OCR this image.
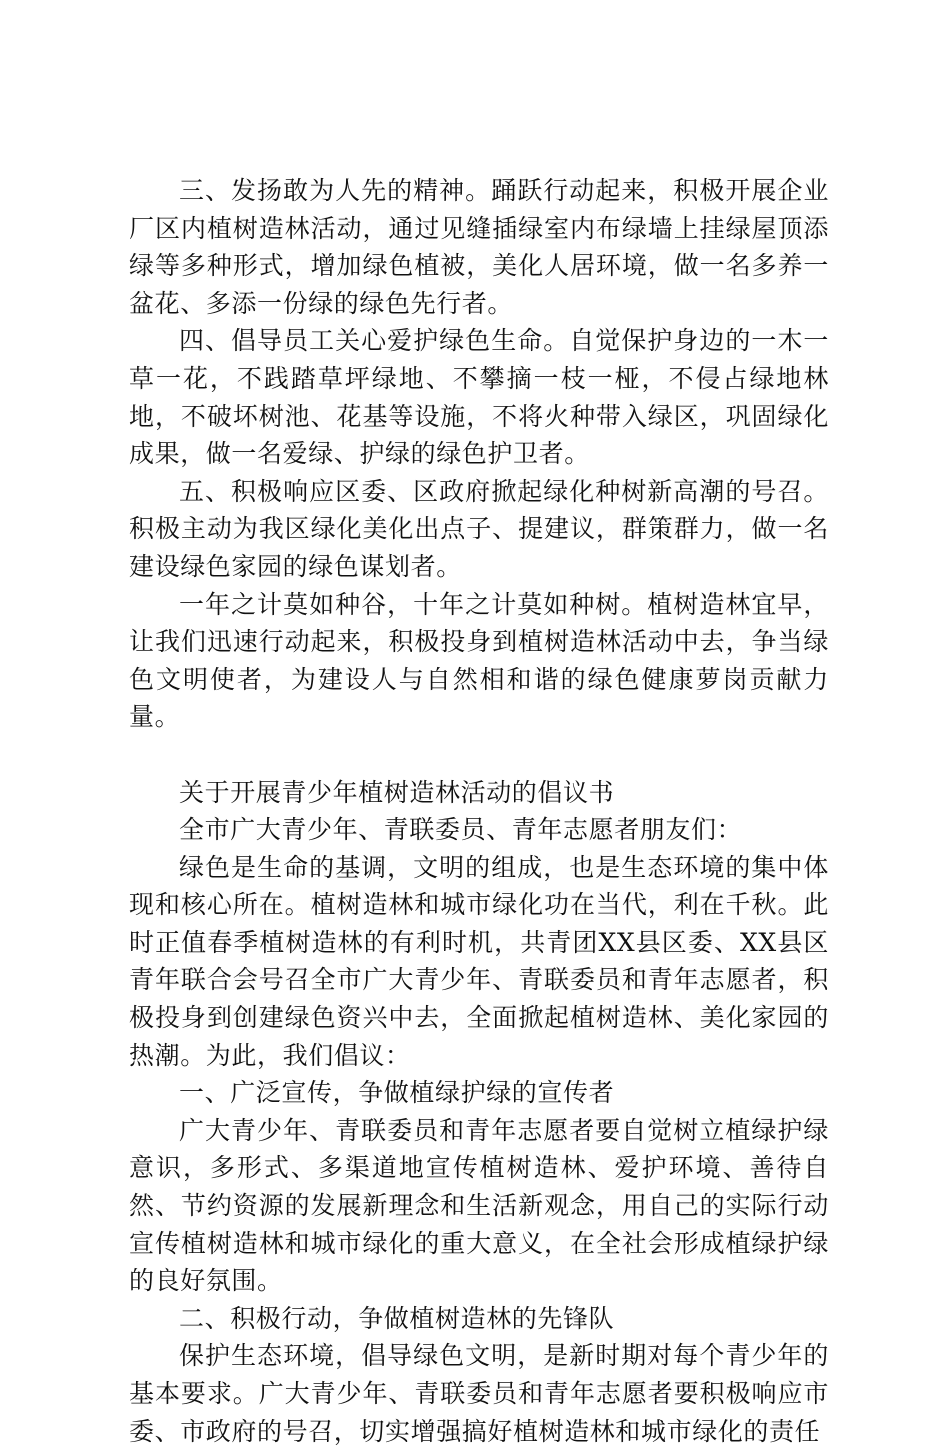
三、发扬敢为人先的精神。踊跃行动起来，积极开展企业厂区内植树造林活动，通过见缝插绿室内布绿墙上挂绿屋顶添绿等多种形式，增加绿色植被，美化人居环境，做一名多养一盆花、多添一份绿的绿色先行者。

四、倡导员工关心爱护绿色生命。自觉保护身边的一木一草一花，不践踏草坪绿地、不攀摘一枝一桠，不侵占绿地林地，不破坏树池、花基等设施，不将火种带入绿区，巩固绿化成果，做一名爱绿、护绿的绿色护卫者。

五、积极响应区委、区政府掀起绿化种树新高潮的号召。积极主动为我区绿化美化出点子、提建议，群策群力，做一名建设绿色家园的绿色谋划者。

一年之计莫如种谷，十年之计莫如种树。植树造林宜早，让我们迅速行动起来，积极投身到植树造林活动中去，争当绿色文明使者，为建设人与自然相和谐的绿色健康萝岗贡献力量。

关于开展青少年植树造林活动的倡议书

全市广大青少年、青联委员、青年志愿者朋友们：

绿色是生命的基调，文明的组成，也是生态环境的集中体现和核心所在。植树造林和城市绿化功在当代，利在千秋。此时正值春季植树造林的有利时机，共青团XX县区委、XX县区青年联合会号召全市广大青少年、青联委员和青年志愿者，积极投身到创建绿色资兴中去，全面掀起植树造林、美化家园的热潮。为此，我们倡议：

一、广泛宣传，争做植绿护绿的宣传者

广大青少年、青联委员和青年志愿者要自觉树立植绿护绿意识，多形式、多渠道地宣传植树造林、爱护环境、善待自然、节约资源的发展新理念和生活新观念，用自己的实际行动宣传植树造林和城市绿化的重大意义，在全社会形成植绿护绿的良好氛围。

二、积极行动，争做植树造林的先锋队

保护生态环境，倡导绿色文明，是新时期对每个青少年的基本要求。广大青少年、青联委员和青年志愿者要积极响应市委、市政府的号召，切实增强搞好植树造林和城市绿化的责任
